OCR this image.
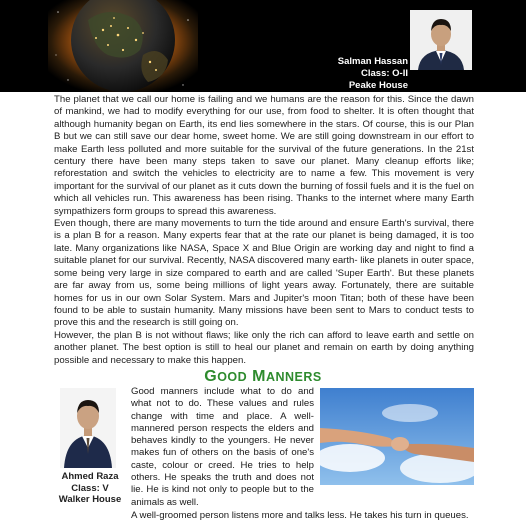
Salman Hassan
Class: O-II
Peake House

The planet that we call our home is failing and we humans are the reason for this. Since the dawn of mankind, we had to modify everything for our use, from food to shelter. It is often thought that although humanity began on Earth, its end lies somewhere in the stars. Of course, this is our Plan B but we can still save our dear home, sweet home. We are still going downstream in our effort to make Earth less polluted and more suitable for the survival of the future generations. In the 21st century there have been many steps taken to save our planet. Many cleanup efforts like; reforestation and switch the vehicles to electricity are to name a few. This movement is very important for the survival of our planet as it cuts down the burning of fossil fuels and it is the fuel on which all vehicles run. This awareness has been rising. Thanks to the internet where many Earth sympathizers form groups to spread this awareness.

Even though, there are many movements to turn the tide around and ensure Earth's survival, there is a plan B for a reason. Many experts fear that at the rate our planet is being damaged, it is too late. Many organizations like NASA, Space X and Blue Origin are working day and night to find a suitable planet for our survival. Recently, NASA discovered many earth- like planets in outer space, some being very large in size compared to earth and are called 'Super Earth'. But these planets are far away from us, some being millions of light years away. Fortunately, there are suitable homes for us in our own Solar System. Mars and Jupiter's moon Titan; both of these have been found to be able to sustain humanity. Many missions have been sent to Mars to conduct tests to prove this and the research is still going on.

However, the plan B is not without flaws; like only the rich can afford to leave earth and settle on another planet. The best option is still to heal our planet and remain on earth by doing anything possible and necessary to make this happen.

GOOD MANNERS
Ahmed Raza
Class: V
Walker House

Good manners include what to do and what not to do. These values and rules change with time and place. A well-mannered person respects the elders and behaves kindly to the youngers. He never makes fun of others on the basis of one's caste, colour or creed. He tries to help others. He speaks the truth and does not lie. He is kind not only to people but to the animals as well.

A well-groomed person listens more and talks less. He takes his turn in queues.
